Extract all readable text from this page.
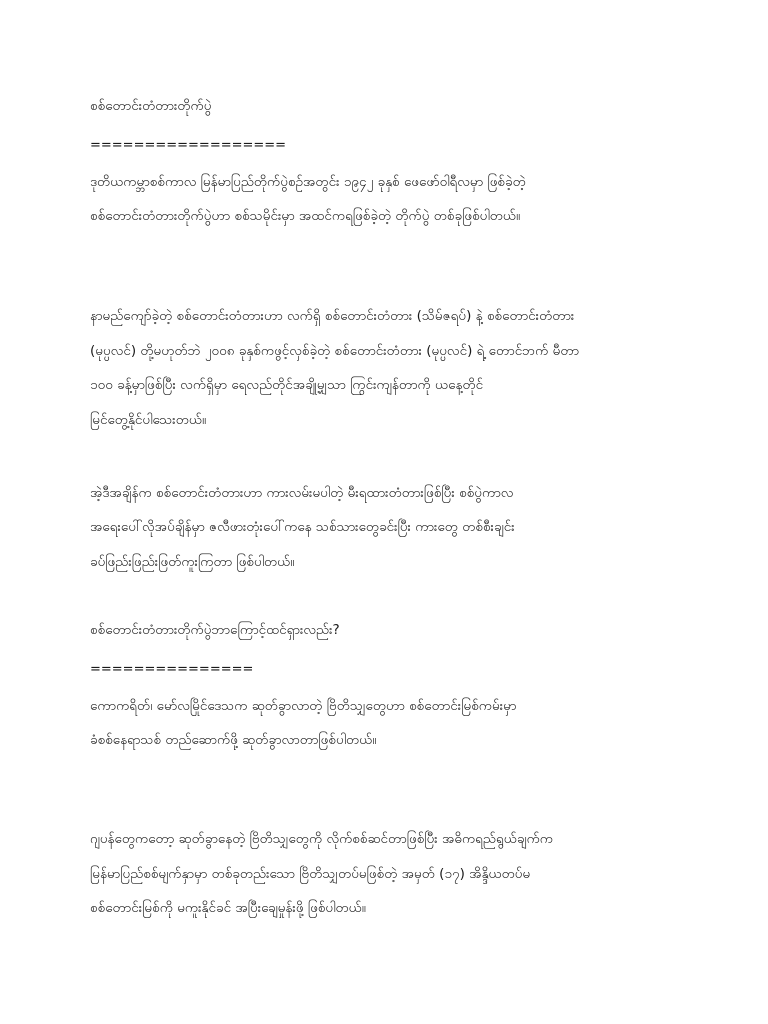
စစ်တောင်းတံတားတိုက်ပွဲ
==================
ဒုတိယကမ္ဘာစစ်ကာလ မြန်မာပြည်တိုက်ပွဲစဥ်အတွင်း ၁၉၄၂ ခုနှစ် ဖေဖော်ဝါရီလမှာ ဖြစ်ခဲ့တဲ့
စစ်တောင်းတံတားတိုက်ပွဲဟာ စစ်သမိုင်းမှာ အထင်ကရဖြစ်ခဲ့တဲ့ တိုက်ပွဲ တစ်ခုဖြစ်ပါတယ်။
နာမည်ကျော်ခဲ့တဲ့ စစ်တောင်းတံတားဟာ လက်ရှိ စစ်တောင်းတံတား (သိမ်ဇရပ်) နဲ့ စစ်တောင်းတံတား
(မုပ္ပလင်) တို့မဟုတ်ဘဲ ၂၀၀၈ ခုနှစ်ကဖွင့်လှစ်ခဲ့တဲ့ စစ်တောင်းတံတား (မုပ္ပလင်) ရဲ့ တောင်ဘက် မီတာ
၁၀၀ ခန့်မှာဖြစ်ပြီး လက်ရှိမှာ ရေလည်တိုင်အချို့မျှသာ ကြွင်းကျန်တာကို ယနေ့တိုင်
မြင်တွေ့နိုင်ပါသေးတယ်။
အဲ့ဒီအချိန်က စစ်တောင်းတံတားဟာ ကားလမ်းမပါတဲ့ မီးရထားတံတားဖြစ်ပြီး စစ်ပွဲကာလ
အရေးပေါ်လိုအပ်ချိန်မှာ ဇလီဖားတုံးပေါ်ကနေ သစ်သားတွေခင်းပြီး ကားတွေ တစ်စီးချင်း
ခပ်ဖြည်းဖြည်းဖြတ်ကူးကြတာ ဖြစ်ပါတယ်။
စစ်တောင်းတံတားတိုက်ပွဲဘာကြောင့်ထင်ရှားလည်း?
===============
ကောကရိတ်၊ မော်လမြိုင်ဒေသက ဆုတ်ခွာလာတဲ့ ဗြိတိသျှတွေဟာ စစ်တောင်းမြစ်ကမ်းမှာ
ခံစစ်နေရာသစ် တည်ဆောက်ဖို့ ဆုတ်ခွာလာတာဖြစ်ပါတယ်။
ဂျပန်တွေကတော့ ဆုတ်ခွာနေတဲ့ ဗြိတိသျှတွေကို လိုက်စစ်ဆင်တာဖြစ်ပြီး အဓိကရည်ရွယ်ချက်က
မြန်မာပြည်စစ်မျက်နှာမှာ တစ်ခုတည်းသော ဗြိတိသျှတပ်မဖြစ်တဲ့ အမှတ် (၁၇) အိန္ဒိယတပ်မ
စစ်တောင်းမြစ်ကို မကူးနိုင်ခင် အပြီးချေမှုန်းဖို့ ဖြစ်ပါတယ်။
